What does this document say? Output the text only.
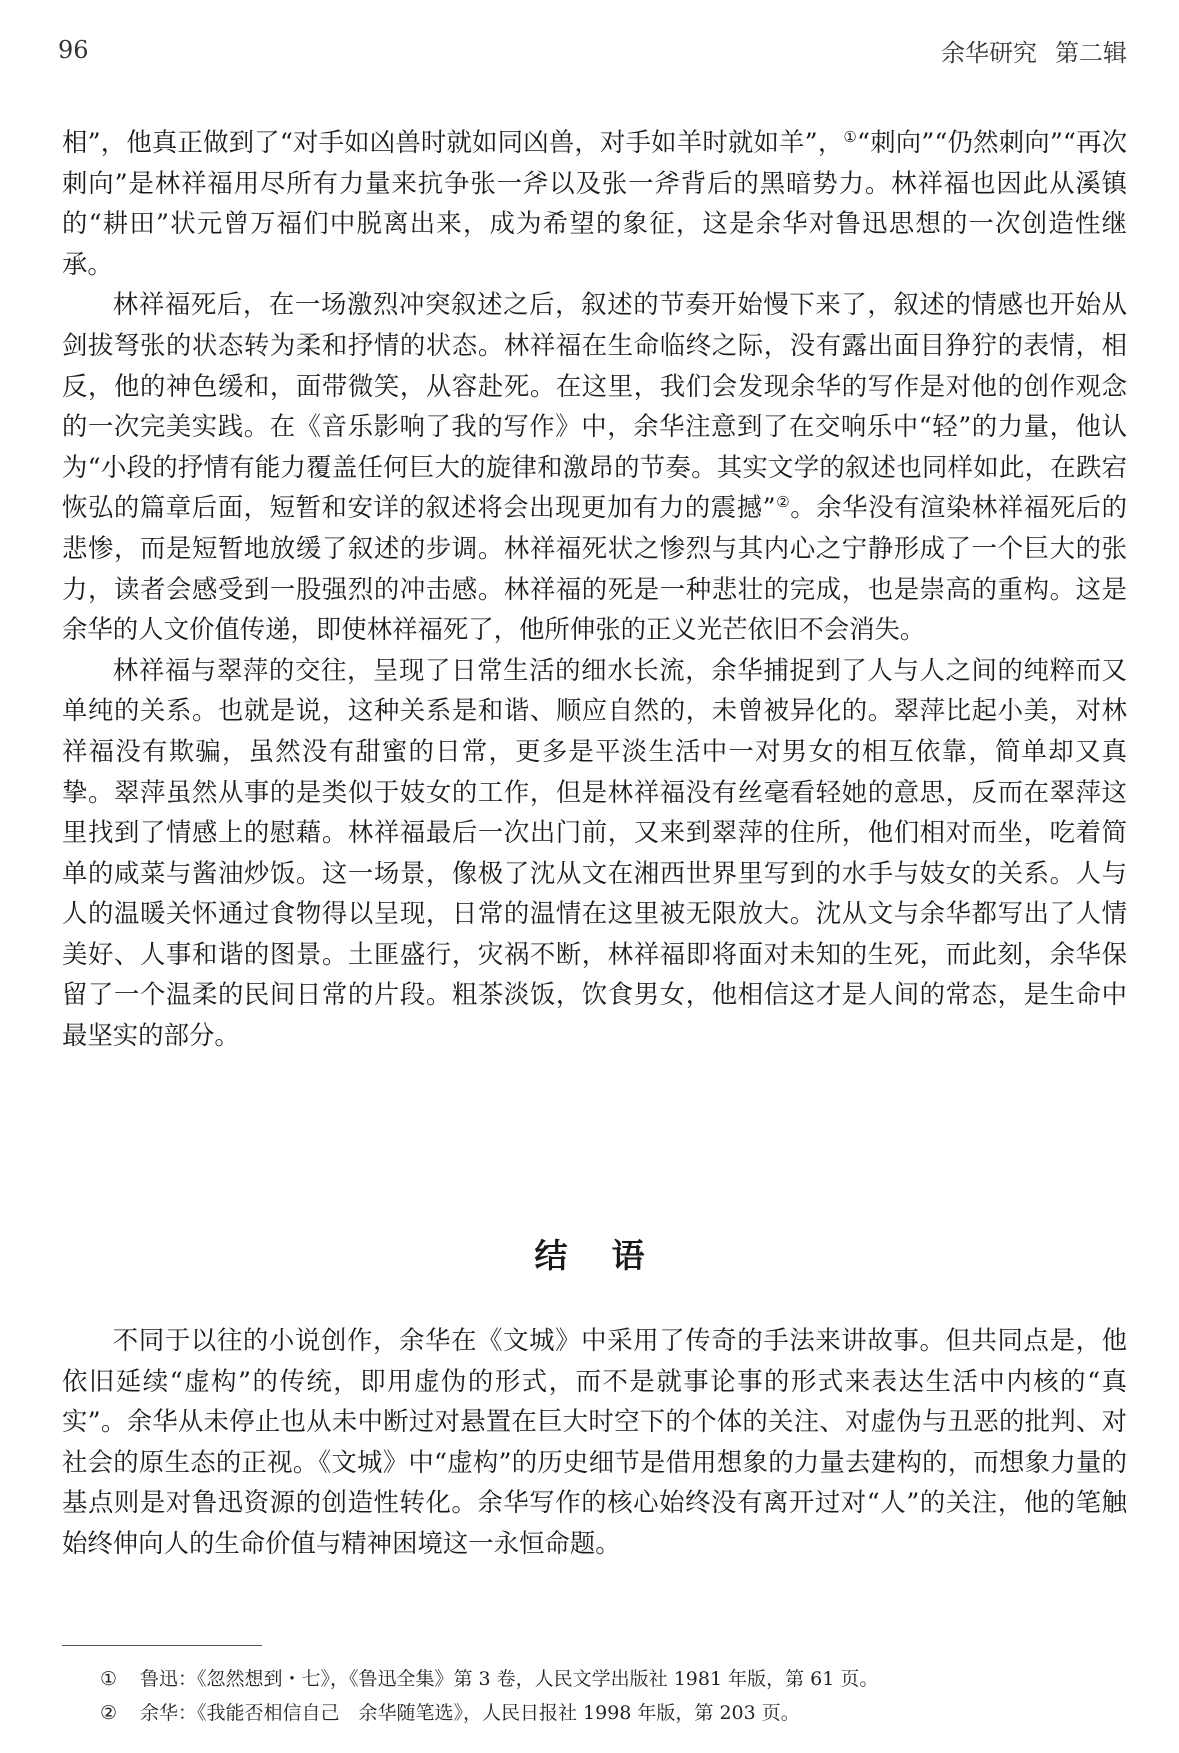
96	余华研究 第二辑

相”，他真正做到了“对手如凶兽时就如同凶兽，对手如羊时就如羊”，①“刺向”“仍然刺向”“再次刺向”是林祥福用尽所有力量来抗争张一斧以及张一斧背后的黑暗势力。林祥福也因此从溪镇的“耕田”状元曾万福们中脱离出来，成为希望的象征，这是余华对鲁迅思想的一次创造性继承。

林祥福死后，在一场激烈冲突叙述之后，叙述的节奏开始慢下来了，叙述的情感也开始从剑拔弩张的状态转为柔和抒情的状态。林祥福在生命临终之际，没有露出面目狰狞的表情，相反，他的神色缓和，面带微笑，从容赴死。在这里，我们会发现余华的写作是对他的创作观念的一次完美实践。在《音乐影响了我的写作》中，余华注意到了在交响乐中“轻”的力量，他认为“小段的抒情有能力覆盖任何巨大的旋律和激昂的节奏。其实文学的叙述也同样如此，在跌宕恢弘的篇章后面，短暂和安详的叙述将会出现更加有力的震撼”②。余华没有渲染林祥福死后的悲惨，而是短暂地放缓了叙述的步调。林祥福死状之惨烈与其内心之宁静形成了一个巨大的张力，读者会感受到一股强烈的冲击感。林祥福的死是一种悲壮的完成，也是崇高的重构。这是余华的人文价值传递，即使林祥福死了，他所伸张的正义光芒依旧不会消失。

林祥福与翠萍的交往，呈现了日常生活的细水长流，余华捕捉到了人与人之间的纯粹而又单纯的关系。也就是说，这种关系是和谐、顺应自然的，未曾被异化的。翠萍比起小美，对林祥福没有欺骗，虽然没有甜蜜的日常，更多是平淡生活中一对男女的相互依靠，简单却又真挚。翠萍虽然从事的是类似于妓女的工作，但是林祥福没有丝毫看轻她的意思，反而在翠萍这里找到了情感上的慰藉。林祥福最后一次出门前，又来到翠萍的住所，他们相对而坐，吃着简单的咸菜与酱油炒饭。这一场景，像极了沈从文在湘西世界里写到的水手与妓女的关系。人与人的温暖关怀通过食物得以呈现，日常的温情在这里被无限放大。沈从文与余华都写出了人情美好、人事和谐的图景。土匪盛行，灾祸不断，林祥福即将面对未知的生死，而此刻，余华保留了一个温柔的民间日常的片段。粗茶淡饭，饮食男女，他相信这才是人间的常态，是生命中最坚实的部分。

结语

不同于以往的小说创作，余华在《文城》中采用了传奇的手法来讲故事。但共同点是，他依旧延续“虚构”的传统，即用虚伪的形式，而不是就事论事的形式来表达生活中内核的“真实”。余华从未停止也从未中断过对悬置在巨大时空下的个体的关注、对虚伪与丑恶的批判、对社会的原生态的正视。《文城》中“虚构”的历史细节是借用想象的力量去建构的，而想象力量的基点则是对鲁迅资源的创造性转化。余华写作的核心始终没有离开过对“人”的关注，他的笔触始终伸向人的生命价值与精神困境这一永恒命题。

①	鲁迅：《忽然想到・七》，《鲁迅全集》第 3 卷，人民文学出版社 1981 年版，第 61 页。
②	余华：《我能否相信自己　余华随笔选》，人民日报社 1998 年版，第 203 页。
